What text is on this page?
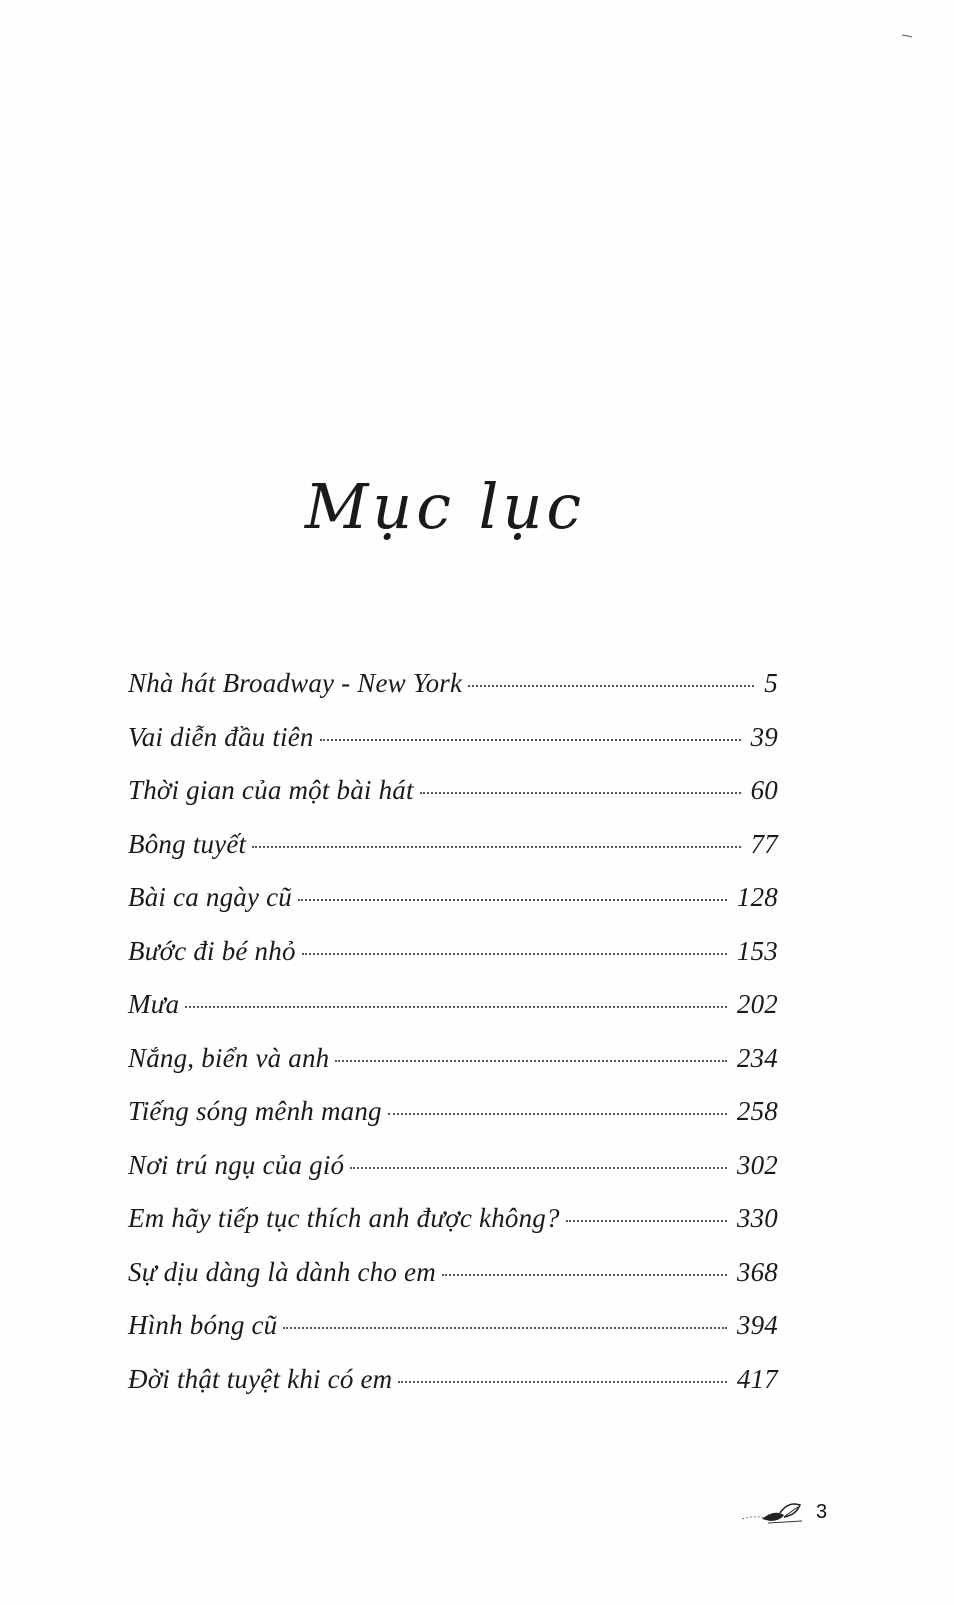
Mục lục
Nhà hát Broadway - New York	5
Vai diễn đầu tiên	39
Thời gian của một bài hát	60
Bông tuyết	77
Bài ca ngày cũ	128
Bước đi bé nhỏ	153
Mưa	202
Nắng, biển và anh	234
Tiếng sóng mênh mang	258
Nơi trú ngụ của gió	302
Em hãy tiếp tục thích anh được không?	330
Sự dịu dàng là dành cho em	368
Hình bóng cũ	394
Đời thật tuyệt khi có em	417
3
